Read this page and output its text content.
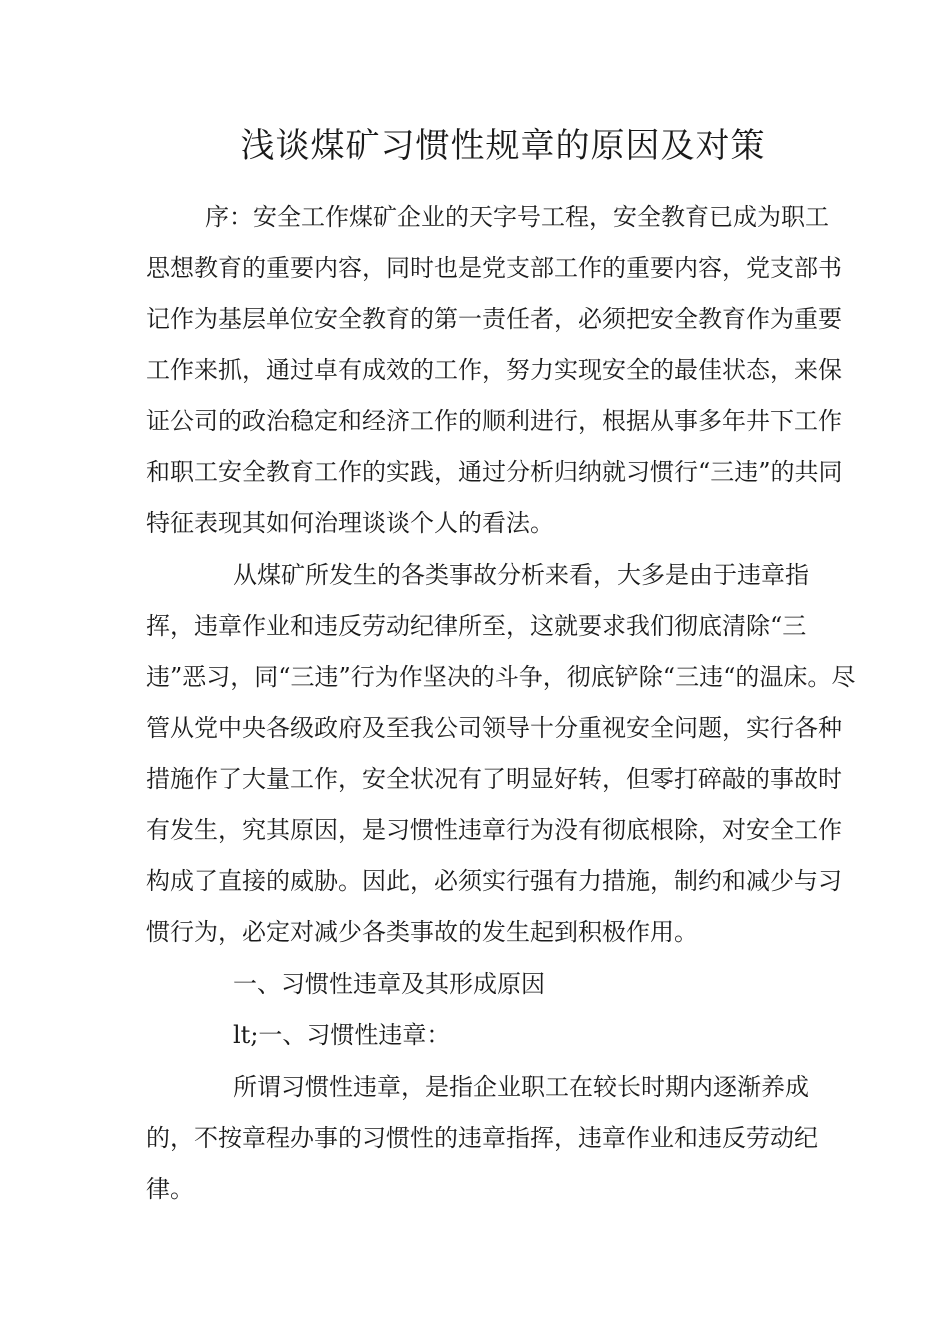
浅谈煤矿习惯性规章的原因及对策
序：安全工作煤矿企业的天字号工程，安全教育已成为职工
思想教育的重要内容，同时也是党支部工作的重要内容，党支部书
记作为基层单位安全教育的第一责任者，必须把安全教育作为重要
工作来抓，通过卓有成效的工作，努力实现安全的最佳状态，来保
证公司的政治稳定和经济工作的顺利进行，根据从事多年井下工作
和职工安全教育工作的实践，通过分析归纳就习惯行“三违”的共同
特征表现其如何治理谈谈个人的看法。
从煤矿所发生的各类事故分析来看，大多是由于违章指
挥，违章作业和违反劳动纪律所至，这就要求我们彻底清除“三
违”恶习，同“三违”行为作坚决的斗争，彻底铲除“三违“的温床。尽
管从党中央各级政府及至我公司领导十分重视安全问题，实行各种
措施作了大量工作，安全状况有了明显好转，但零打碎敲的事故时
有发生，究其原因，是习惯性违章行为没有彻底根除，对安全工作
构成了直接的威胁。因此，必须实行强有力措施，制约和减少与习
惯行为，必定对减少各类事故的发生起到积极作用。
一、习惯性违章及其形成原因
lt;一、习惯性违章：
所谓习惯性违章，是指企业职工在较长时期内逐渐养成
的，不按章程办事的习惯性的违章指挥，违章作业和违反劳动纪
律。
